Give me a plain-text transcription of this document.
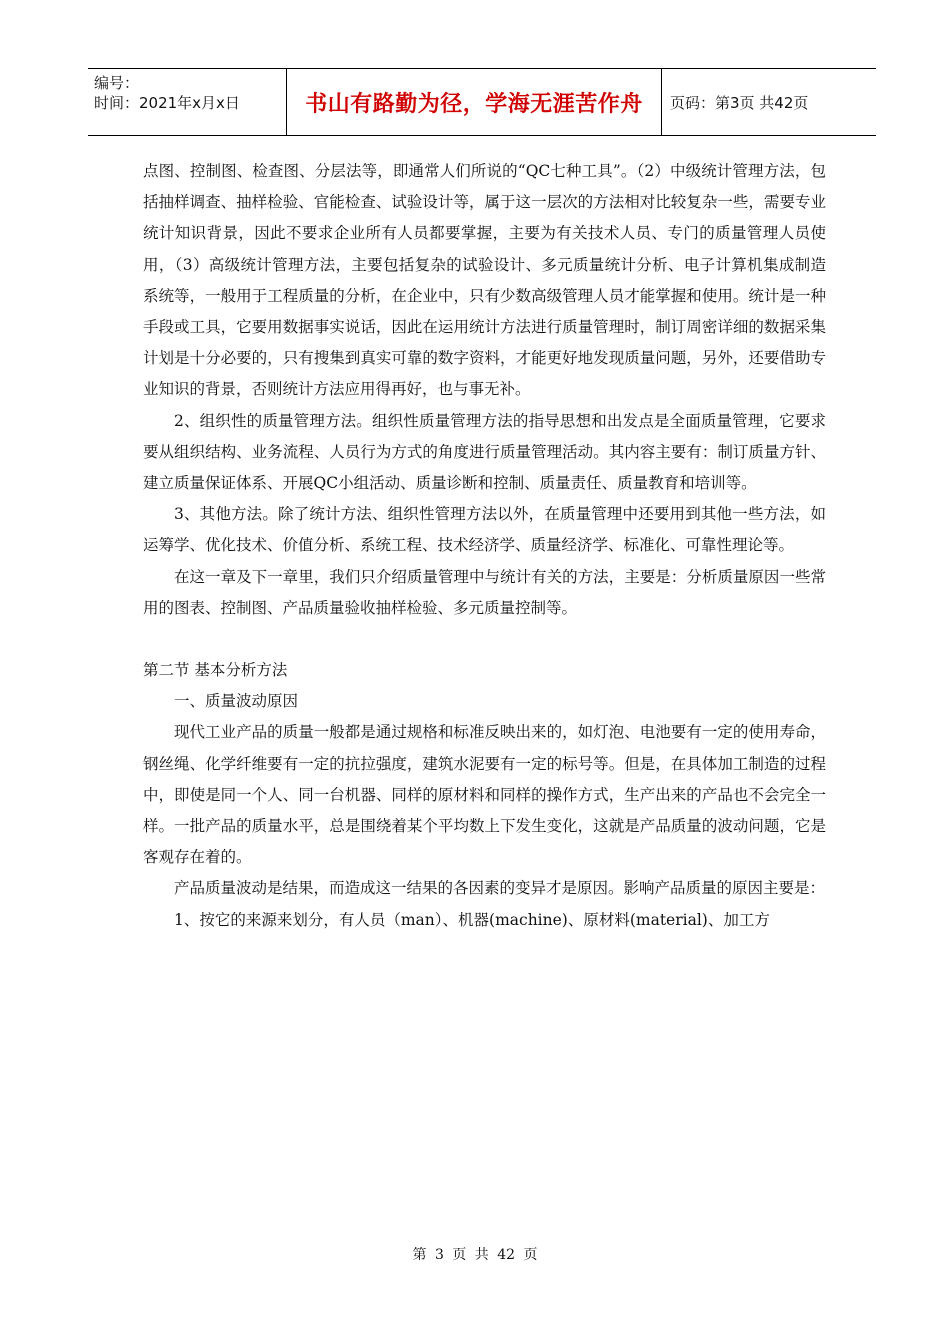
编号：
时间：2021年x月x日	书山有路勤为径，学海无涯苦作舟	页码：第3页 共42页

点图、控制图、检查图、分层法等，即通常人们所说的“QC七种工具”。（2）中级统计管理方法，包括抽样调查、抽样检验、官能检查、试验设计等，属于这一层次的方法相对比较复杂一些，需要专业统计知识背景，因此不要求企业所有人员都要掌握，主要为有关技术人员、专门的质量管理人员使用，（3）高级统计管理方法，主要包括复杂的试验设计、多元质量统计分析、电子计算机集成制造系统等，一般用于工程质量的分析，在企业中，只有少数高级管理人员才能掌握和使用。统计是一种手段或工具，它要用数据事实说话，因此在运用统计方法进行质量管理时，制订周密详细的数据采集计划是十分必要的，只有搜集到真实可靠的数字资料，才能更好地发现质量问题，另外，还要借助专业知识的背景，否则统计方法应用得再好，也与事无补。

2、组织性的质量管理方法。组织性质量管理方法的指导思想和出发点是全面质量管理，它要求要从组织结构、业务流程、人员行为方式的角度进行质量管理活动。其内容主要有：制订质量方针、建立质量保证体系、开展QC小组活动、质量诊断和控制、质量责任、质量教育和培训等。

3、其他方法。除了统计方法、组织性管理方法以外，在质量管理中还要用到其他一些方法，如运筹学、优化技术、价值分析、系统工程、技术经济学、质量经济学、标准化、可靠性理论等。

在这一章及下一章里，我们只介绍质量管理中与统计有关的方法，主要是：分析质量原因一些常用的图表、控制图、产品质量验收抽样检验、多元质量控制等。

第二节 基本分析方法

一、质量波动原因

现代工业产品的质量一般都是通过规格和标准反映出来的，如灯泡、电池要有一定的使用寿命，钢丝绳、化学纤维要有一定的抗拉强度，建筑水泥要有一定的标号等。但是，在具体加工制造的过程中，即使是同一个人、同一台机器、同样的原材料和同样的操作方式，生产出来的产品也不会完全一样。一批产品的质量水平，总是围绕着某个平均数上下发生变化，这就是产品质量的波动问题，它是客观存在着的。

产品质量波动是结果，而造成这一结果的各因素的变异才是原因。影响产品质量的原因主要是：

1、按它的来源来划分，有人员（man）、机器(machine)、原材料(material)、加工方

第 3 页 共 42 页
